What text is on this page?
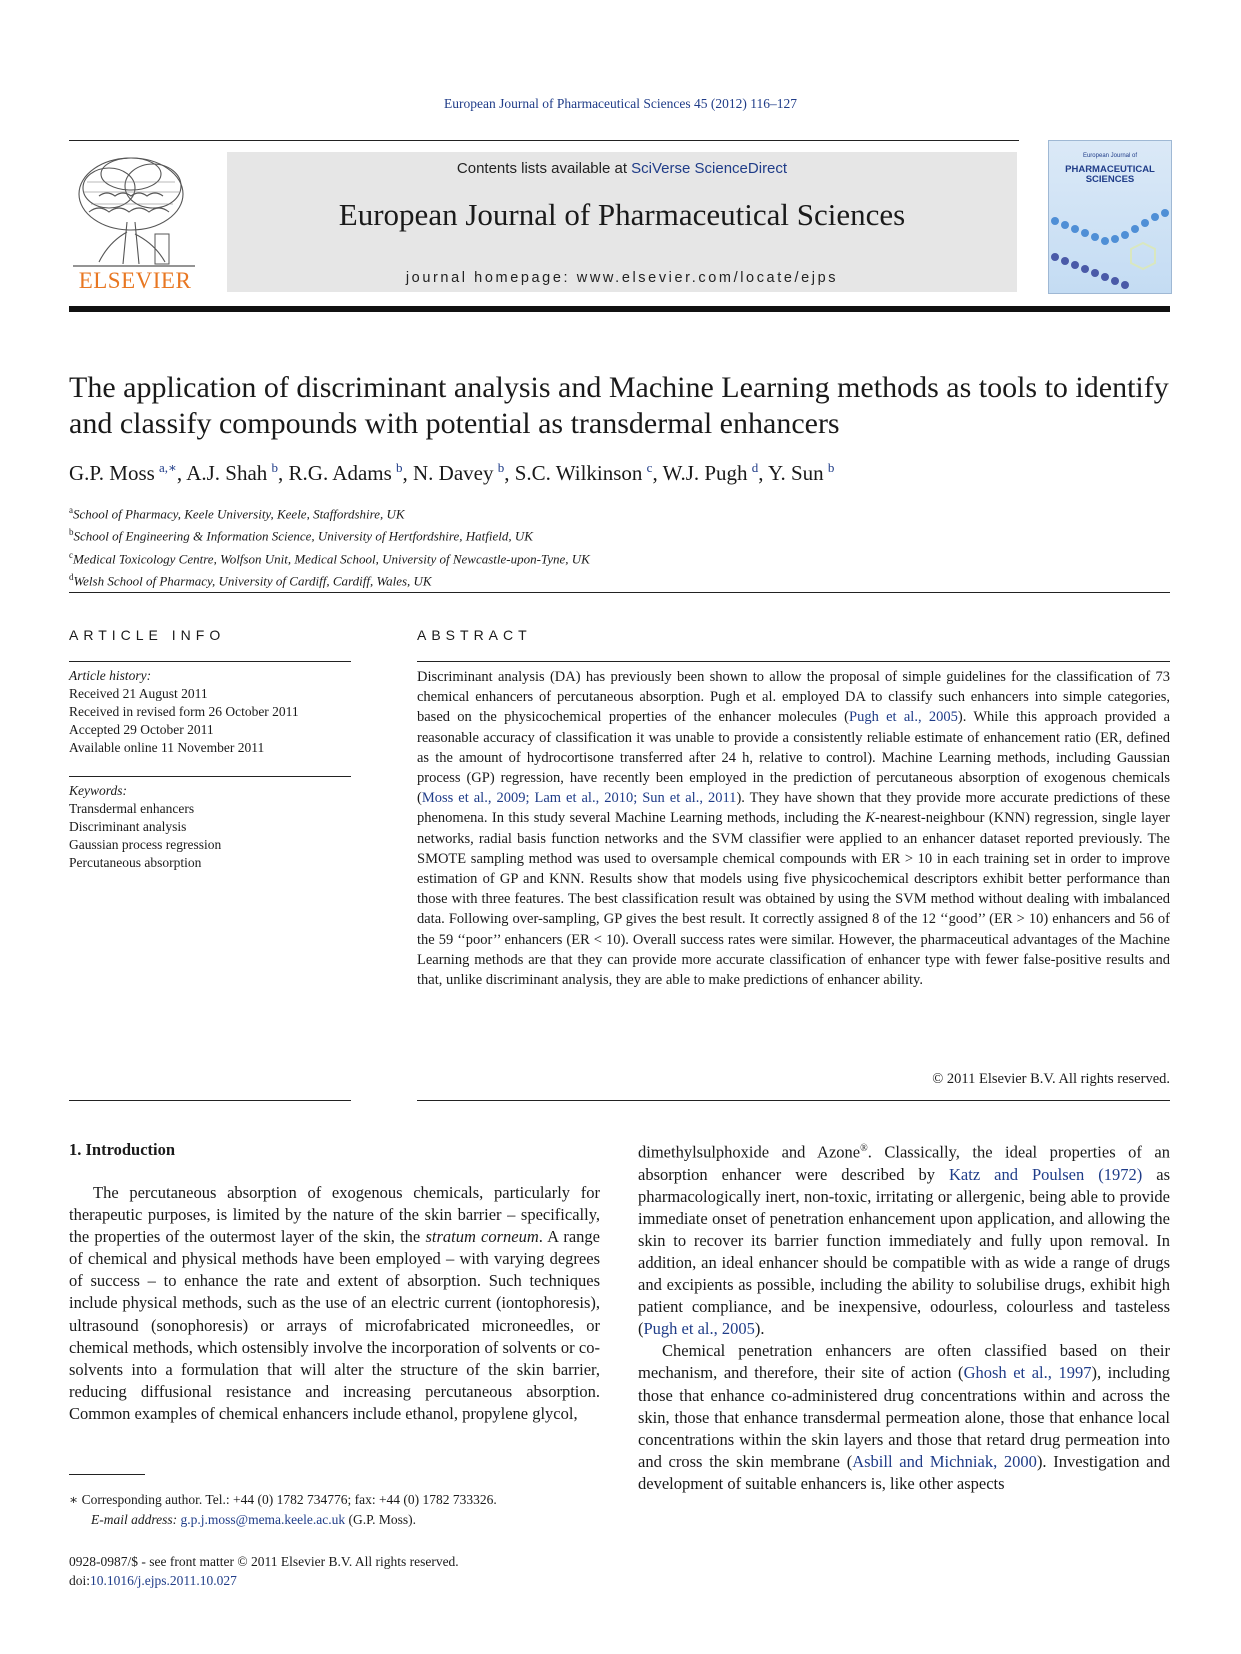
European Journal of Pharmaceutical Sciences 45 (2012) 116–127
ELSEVIER
Contents lists available at SciVerse ScienceDirect
European Journal of Pharmaceutical Sciences
journal homepage: www.elsevier.com/locate/ejps
European Journal of
PHARMACEUTICAL SCIENCES
The application of discriminant analysis and Machine Learning methods as tools to identify and classify compounds with potential as transdermal enhancers
G.P. Moss  $^{a,∗}$, A.J. Shah  $^b$, R.G. Adams  $^b$, N. Davey  $^b$, S.C. Wilkinson  $^c$, W.J. Pugh  $^d$, Y. Sun  $^b$
$^a$School of Pharmacy, Keele University, Keele, Staffordshire, UK
$^b$School of Engineering & Information Science, University of Hertfordshire, Hatfield, UK
$^c$Medical Toxicology Centre, Wolfson Unit, Medical School, University of Newcastle-upon-Tyne, UK
$^d$Welsh School of Pharmacy, University of Cardiff, Cardiff, Wales, UK
ARTICLE INFO	ABSTRACT
Article history:
Received 21 August 2011
Received in revised form 26 October 2011
Accepted 29 October 2011
Available online 11 November 2011
Keywords:
Transdermal enhancers
Discriminant analysis
Gaussian process regression
Percutaneous absorption
Discriminant analysis (DA) has previously been shown to allow the proposal of simple guidelines for the classification of 73 chemical enhancers of percutaneous absorption. Pugh et al. employed DA to classify such enhancers into simple categories, based on the physicochemical properties of the enhancer molecules (Pugh et al., 2005). While this approach provided a reasonable accuracy of classification it was unable to provide a consistently reliable estimate of enhancement ratio (ER, defined as the amount of hydrocortisone transferred after 24 h, relative to control). Machine Learning methods, including Gaussian process (GP) regression, have recently been employed in the prediction of percutaneous absorption of exogenous chemicals (Moss et al., 2009; Lam et al., 2010; Sun et al., 2011). They have shown that they provide more accurate predictions of these phenomena. In this study several Machine Learning methods, including the K-nearest-neighbour (KNN) regression, single layer networks, radial basis function networks and the SVM classifier were applied to an enhancer dataset reported previously. The SMOTE sampling method was used to oversample chemical compounds with ER > 10 in each training set in order to improve estimation of GP and KNN. Results show that models using five physicochemical descriptors exhibit better performance than those with three features. The best classification result was obtained by using the SVM method without dealing with imbalanced data. Following over-sampling, GP gives the best result. It correctly assigned 8 of the 12 ‘‘good’’ (ER > 10) enhancers and 56 of the 59 ‘‘poor’’ enhancers (ER < 10). Overall success rates were similar. However, the pharmaceutical advantages of the Machine Learning methods are that they can provide more accurate classification of enhancer type with fewer false-positive results and that, unlike discriminant analysis, they are able to make predictions of enhancer ability.
© 2011 Elsevier B.V. All rights reserved.
1. Introduction

The percutaneous absorption of exogenous chemicals, particularly for therapeutic purposes, is limited by the nature of the skin barrier – specifically, the properties of the outermost layer of the skin, the stratum corneum. A range of chemical and physical methods have been employed – with varying degrees of success – to enhance the rate and extent of absorption. Such techniques include physical methods, such as the use of an electric current (iontophoresis), ultrasound (sonophoresis) or arrays of microfabricated microneedles, or chemical methods, which ostensibly involve the incorporation of solvents or co-solvents into a formulation that will alter the structure of the skin barrier, reducing diffusional resistance and increasing percutaneous absorption. Common examples of chemical enhancers include ethanol, propylene glycol,

dimethylsulphoxide and Azone®. Classically, the ideal properties of an absorption enhancer were described by Katz and Poulsen (1972) as pharmacologically inert, non-toxic, irritating or allergenic, being able to provide immediate onset of penetration enhancement upon application, and allowing the skin to recover its barrier function immediately and fully upon removal. In addition, an ideal enhancer should be compatible with as wide a range of drugs and excipients as possible, including the ability to solubilise drugs, exhibit high patient compliance, and be inexpensive, odourless, colourless and tasteless (Pugh et al., 2005).

Chemical penetration enhancers are often classified based on their mechanism, and therefore, their site of action (Ghosh et al., 1997), including those that enhance co-administered drug concentrations within and across the skin, those that enhance transdermal permeation alone, those that enhance local concentrations within the skin layers and those that retard drug permeation into and cross the skin membrane (Asbill and Michniak, 2000). Investigation and development of suitable enhancers is, like other aspects

∗ Corresponding author. Tel.: +44 (0) 1782 734776; fax: +44 (0) 1782 733326.
E-mail address: g.p.j.moss@mema.keele.ac.uk (G.P. Moss).
0928-0987/$ - see front matter © 2011 Elsevier B.V. All rights reserved.
doi:10.1016/j.ejps.2011.10.027
